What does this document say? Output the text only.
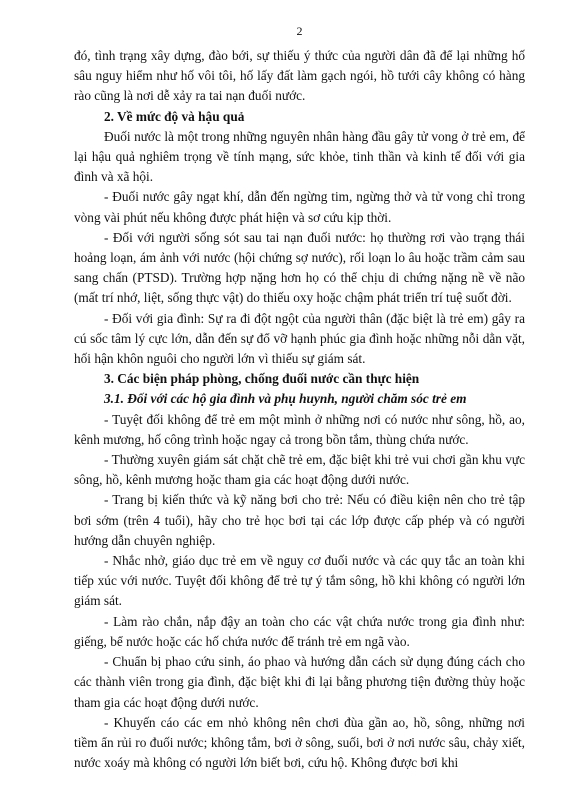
2

đó, tình trạng xây dựng, đào bới, sự thiếu ý thức của người dân đã để lại những hố sâu nguy hiểm như hố vôi tôi, hố lấy đất làm gạch ngói, hồ tưới cây không có hàng rào cũng là nơi dễ xảy ra tai nạn đuối nước.

2. Về mức độ và hậu quả

Đuối nước là một trong những nguyên nhân hàng đầu gây tử vong ở trẻ em, để lại hậu quả nghiêm trọng về tính mạng, sức khỏe, tinh thần và kinh tế đối với gia đình và xã hội.

- Đuối nước gây ngạt khí, dẫn đến ngừng tim, ngừng thở và tử vong chỉ trong vòng vài phút nếu không được phát hiện và sơ cứu kịp thời.

- Đối với người sống sót sau tai nạn đuối nước: họ thường rơi vào trạng thái hoảng loạn, ám ảnh với nước (hội chứng sợ nước), rối loạn lo âu hoặc trầm cảm sau sang chấn (PTSD). Trường hợp nặng hơn họ có thể chịu di chứng nặng nề về não (mất trí nhớ, liệt, sống thực vật) do thiếu oxy hoặc chậm phát triển trí tuệ suốt đời.

- Đối với gia đình: Sự ra đi đột ngột của người thân (đặc biệt là trẻ em) gây ra cú sốc tâm lý cực lớn, dẫn đến sự đổ vỡ hạnh phúc gia đình hoặc những nỗi dằn vặt, hối hận khôn nguôi cho người lớn vì thiếu sự giám sát.

3. Các biện pháp phòng, chống đuối nước cần thực hiện

3.1. Đối với các hộ gia đình và phụ huynh, người chăm sóc trẻ em

- Tuyệt đối không để trẻ em một mình ở những nơi có nước như sông, hồ, ao, kênh mương, hố công trình hoặc ngay cả trong bồn tắm, thùng chứa nước.

- Thường xuyên giám sát chặt chẽ trẻ em, đặc biệt khi trẻ vui chơi gần khu vực sông, hồ, kênh mương hoặc tham gia các hoạt động dưới nước.

- Trang bị kiến thức và kỹ năng bơi cho trẻ: Nếu có điều kiện nên cho trẻ tập bơi sớm (trên 4 tuổi), hãy cho trẻ học bơi tại các lớp được cấp phép và có người hướng dẫn chuyên nghiệp.

- Nhắc nhở, giáo dục trẻ em về nguy cơ đuối nước và các quy tắc an toàn khi tiếp xúc với nước. Tuyệt đối không để trẻ tự ý tắm sông, hồ khi không có người lớn giám sát.

- Làm rào chắn, nắp đậy an toàn cho các vật chứa nước trong gia đình như: giếng, bể nước hoặc các hố chứa nước để tránh trẻ em ngã vào.

- Chuẩn bị phao cứu sinh, áo phao và hướng dẫn cách sử dụng đúng cách cho các thành viên trong gia đình, đặc biệt khi đi lại bằng phương tiện đường thủy hoặc tham gia các hoạt động dưới nước.

- Khuyến cáo các em nhỏ không nên chơi đùa gần ao, hồ, sông, những nơi tiềm ẩn rủi ro đuối nước; không tắm, bơi ở sông, suối, bơi ở nơi nước sâu, chảy xiết, nước xoáy mà không có người lớn biết bơi, cứu hộ. Không được bơi khi
